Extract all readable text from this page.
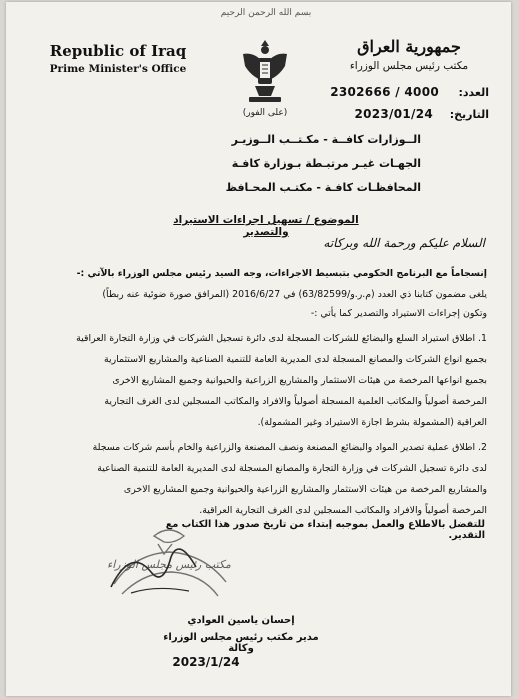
بسم الله الرحمن الرحيم
Republic of Iraq
Prime Minister's Office
(على الفور)
جمهورية العراق
مكتب رئيس مجلس الوزراء
العدد:
2302666 / 4000
التاريخ:
2023/01/24
الــوزارات كافــة - مكـتــب الــوزيـر
الجهـات غيـر مرتبـطة بـوزارة كافـة
المحافظـات كافـة - مكتـب المحـافظ
الموضوع / تسهيل اجراءات الاستيراد والتصدير
السلام عليكم ورحمة الله وبركاته
إنسجاماً مع البرنامج الحكومي بتبسيط الاجراءات، وجه السيد رئيس مجلس الوزراء بالآتي :-
يلغى مضمون كتابنا ذي العدد (م.ر.و/63/82599) في 2016/6/27 (المرافق صورة ضوئية عنه ربطاً)
وتكون إجراءات الاستيراد والتصدير كما يأتي :-
1. اطلاق استيراد السلع والبضائع للشركات المسجلة لدى دائرة تسجيل الشركات في وزارة التجارة العراقية
بجميع انواع الشركات والمصانع المسجلة لدى المديرية العامة للتنمية الصناعية والمشاريع الاستثمارية
بجميع انواعها المرخصة من هيئات الاستثمار والمشاريع الزراعية والحيوانية وجميع المشاريع الاخرى
المرخصة أصولياً والمكاتب العلمية المسجلة أصولياً والافراد والمكاتب المسجلين لدى الغرف التجارية
العراقية (المشمولة بشرط اجازة الاستيراد وغير المشمولة).
2. اطلاق عملية تصدير المواد والبضائع المصنعة ونصف المصنعة والزراعية والخام بأسم شركات مسجلة
لدى دائرة تسجيل الشركات في وزارة التجارة والمصانع المسجلة لدى المديرية العامة للتنمية الصناعية
والمشاريع المرخصة من هيئات الاستثمار والمشاريع الزراعية والحيوانية وجميع المشاريع الاخرى
المرخصة أصولياً والافراد والمكاتب المسجلين لدى الغرف التجارية العراقية.
للتفضل بالاطلاع والعمل بموجبه إبتداء من تاريخ صدور هذا الكتاب مع التقدير.
مكتب رئيس مجلس الوزراء
إحسان ياسين العوادي
مدير مكتب رئيس مجلس الوزراء وكالة
2023/1/24
